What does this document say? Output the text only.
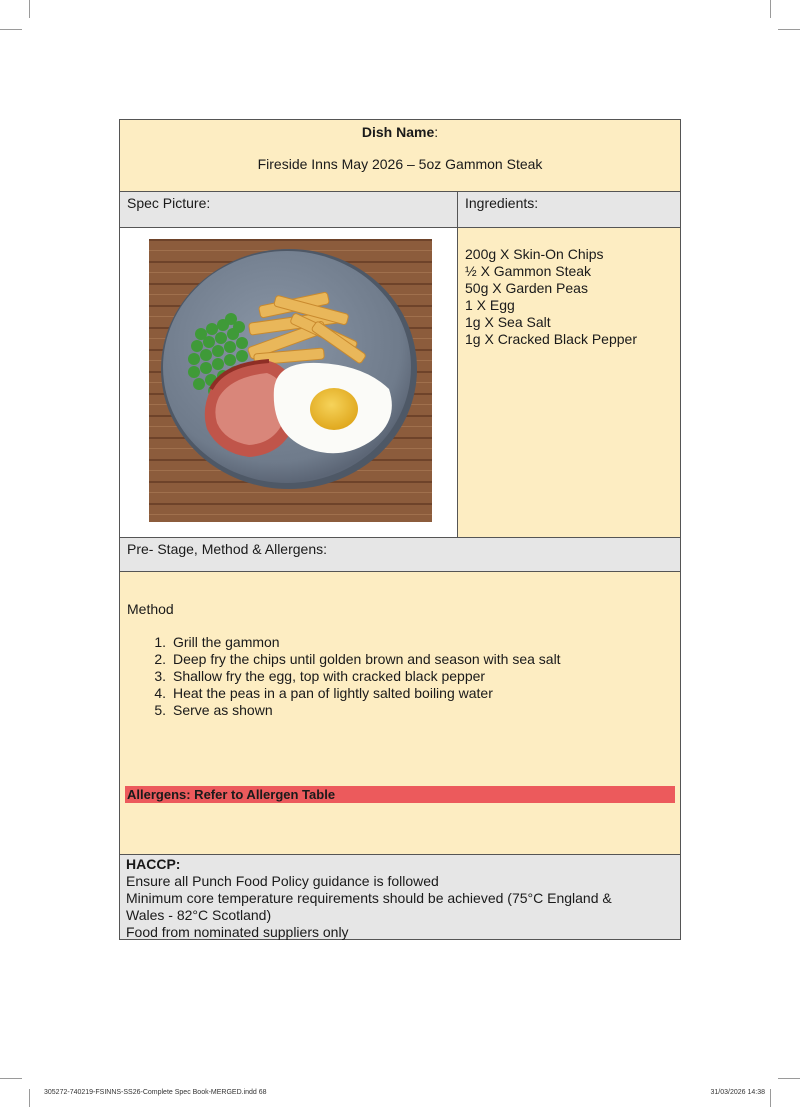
Dish Name:
Fireside Inns May 2026 – 5oz Gammon Steak
Spec Picture:	Ingredients:
200g X Skin-On Chips
½ X Gammon Steak
50g X Garden Peas
1 X Egg
1g X Sea Salt
1g X Cracked Black Pepper
Pre- Stage, Method & Allergens:
Method
1. Grill the gammon
2. Deep fry the chips until golden brown and season with sea salt
3. Shallow fry the egg, top with cracked black pepper
4. Heat the peas in a pan of lightly salted boiling water
5. Serve as shown
Allergens: Refer to Allergen Table
HACCP:
Ensure all Punch Food Policy guidance is followed
Minimum core temperature requirements should be achieved (75°C England &
Wales - 82°C Scotland)
Food from nominated suppliers only
305272-740219-FSINNS-SS26-Complete Spec Book-MERGED.indd 68	31/03/2026 14:38
